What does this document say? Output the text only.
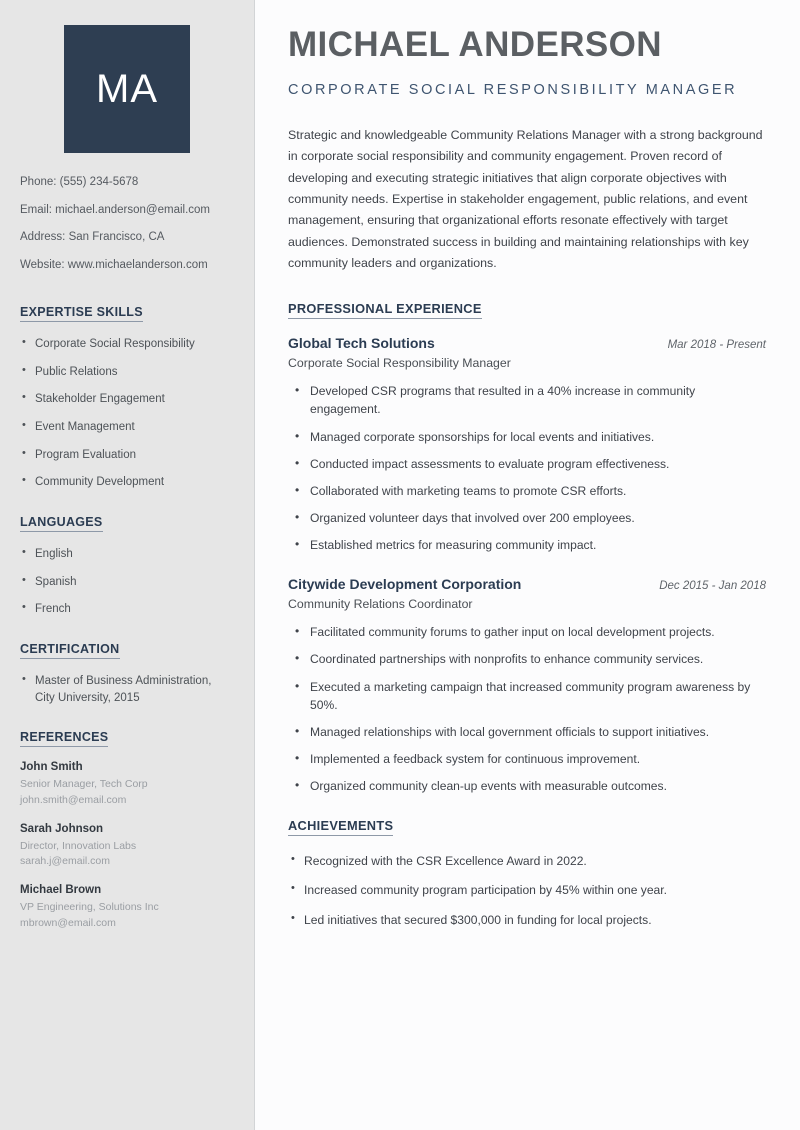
MA
Phone: (555) 234-5678
Email: michael.anderson@email.com
Address: San Francisco, CA
Website: www.michaelanderson.com
EXPERTISE SKILLS
• Corporate Social Responsibility
• Public Relations
• Stakeholder Engagement
• Event Management
• Program Evaluation
• Community Development
LANGUAGES
• English
• Spanish
• French
CERTIFICATION
• Master of Business Administration, City University, 2015
REFERENCES
John Smith
Senior Manager, Tech Corp
john.smith@email.com
Sarah Johnson
Director, Innovation Labs
sarah.j@email.com
Michael Brown
VP Engineering, Solutions Inc
mbrown@email.com
MICHAEL ANDERSON
CORPORATE SOCIAL RESPONSIBILITY MANAGER

Strategic and knowledgeable Community Relations Manager with a strong background in corporate social responsibility and community engagement. Proven record of developing and executing strategic initiatives that align corporate objectives with community needs. Expertise in stakeholder engagement, public relations, and event management, ensuring that organizational efforts resonate effectively with target audiences. Demonstrated success in building and maintaining relationships with key community leaders and organizations.

PROFESSIONAL EXPERIENCE
Global Tech Solutions	Mar 2018 - Present
Corporate Social Responsibility Manager
• Developed CSR programs that resulted in a 40% increase in community engagement.
• Managed corporate sponsorships for local events and initiatives.
• Conducted impact assessments to evaluate program effectiveness.
• Collaborated with marketing teams to promote CSR efforts.
• Organized volunteer days that involved over 200 employees.
• Established metrics for measuring community impact.
Citywide Development Corporation	Dec 2015 - Jan 2018
Community Relations Coordinator
• Facilitated community forums to gather input on local development projects.
• Coordinated partnerships with nonprofits to enhance community services.
• Executed a marketing campaign that increased community program awareness by 50%.
• Managed relationships with local government officials to support initiatives.
• Implemented a feedback system for continuous improvement.
• Organized community clean-up events with measurable outcomes.
ACHIEVEMENTS
• Recognized with the CSR Excellence Award in 2022.
• Increased community program participation by 45% within one year.
• Led initiatives that secured $300,000 in funding for local projects.
